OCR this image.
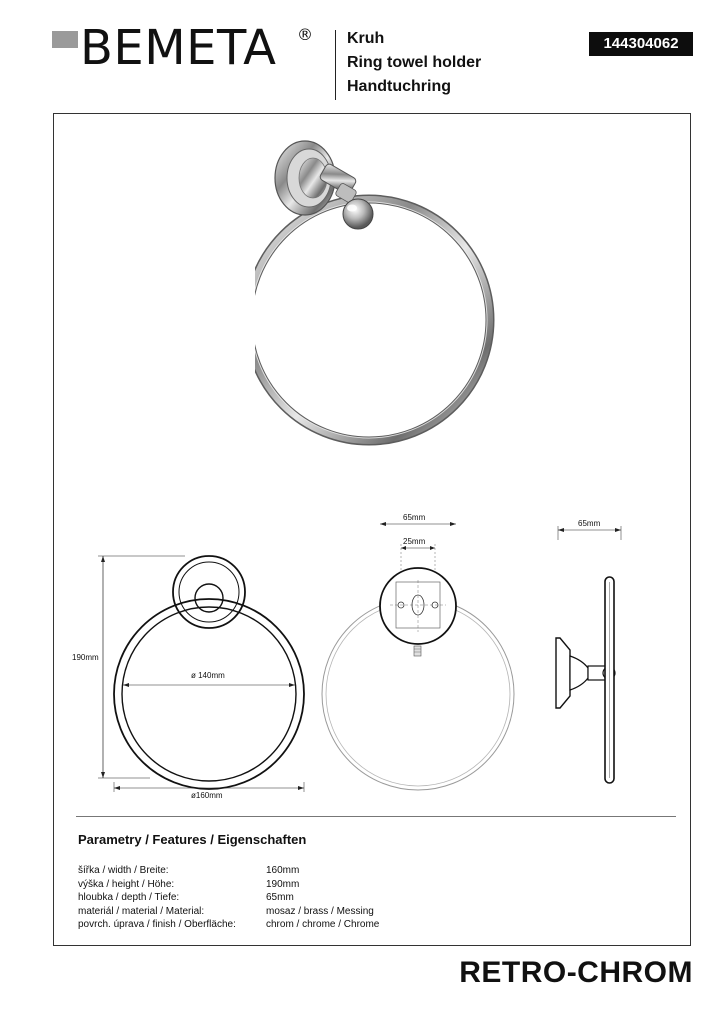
BEMETA ® Kruh
Ring towel holder
Handtuchring
144304062
190mm
ø 140mm
ø160mm
65mm
25mm
65mm
Parametry / Features / Eigenschaften
šířka / width / Breite:	160mm
výška / height / Höhe:	190mm
hloubka / depth / Tiefe:	65mm
materiál / material / Material:	mosaz / brass / Messing
povrch. úprava / finish / Oberfläche:	chrom / chrome / Chrome
RETRO-CHROM
